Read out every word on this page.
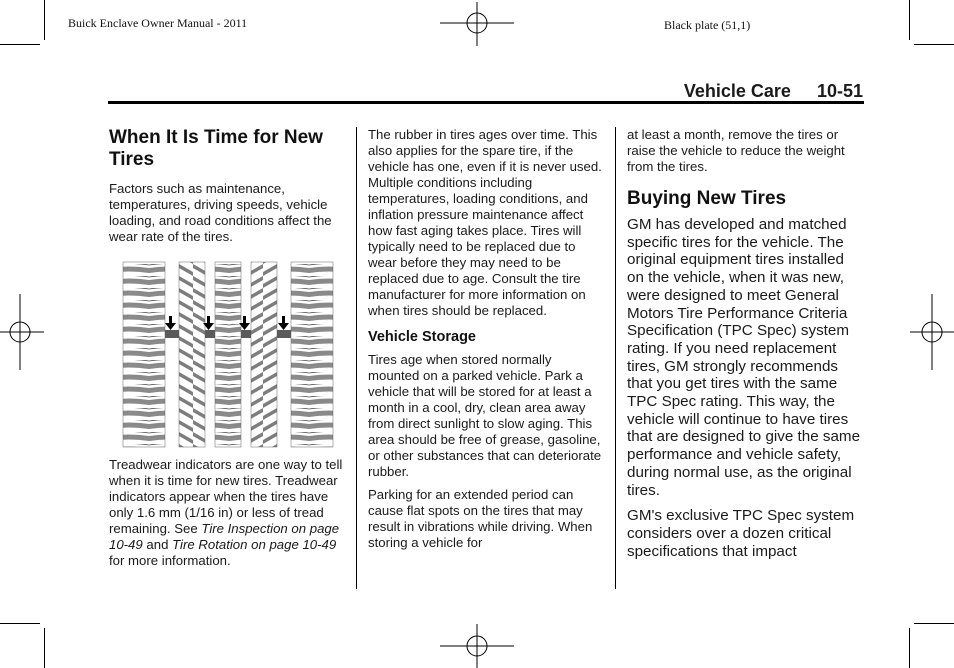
Buick Enclave Owner Manual - 2011	Black plate (51,1)
Vehicle Care 10-51
When It Is Time for New Tires

Factors such as maintenance, temperatures, driving speeds, vehicle loading, and road conditions affect the wear rate of the tires.

Treadwear indicators are one way to tell when it is time for new tires. Treadwear indicators appear when the tires have only 1.6 mm (1/16 in) or less of tread remaining. See Tire Inspection on page 10-49 and Tire Rotation on page 10-49 for more information.

The rubber in tires ages over time. This also applies for the spare tire, if the vehicle has one, even if it is never used. Multiple conditions including temperatures, loading conditions, and inflation pressure maintenance affect how fast aging takes place. Tires will typically need to be replaced due to wear before they may need to be replaced due to age. Consult the tire manufacturer for more information on when tires should be replaced.

Vehicle Storage

Tires age when stored normally mounted on a parked vehicle. Park a vehicle that will be stored for at least a month in a cool, dry, clean area away from direct sunlight to slow aging. This area should be free of grease, gasoline, or other substances that can deteriorate rubber.

Parking for an extended period can cause flat spots on the tires that may result in vibrations while driving. When storing a vehicle for

at least a month, remove the tires or raise the vehicle to reduce the weight from the tires.

Buying New Tires

GM has developed and matched specific tires for the vehicle. The original equipment tires installed on the vehicle, when it was new, were designed to meet General Motors Tire Performance Criteria Specification (TPC Spec) system rating. If you need replacement tires, GM strongly recommends that you get tires with the same TPC Spec rating. This way, the vehicle will continue to have tires that are designed to give the same performance and vehicle safety, during normal use, as the original tires.

GM's exclusive TPC Spec system considers over a dozen critical specifications that impact
